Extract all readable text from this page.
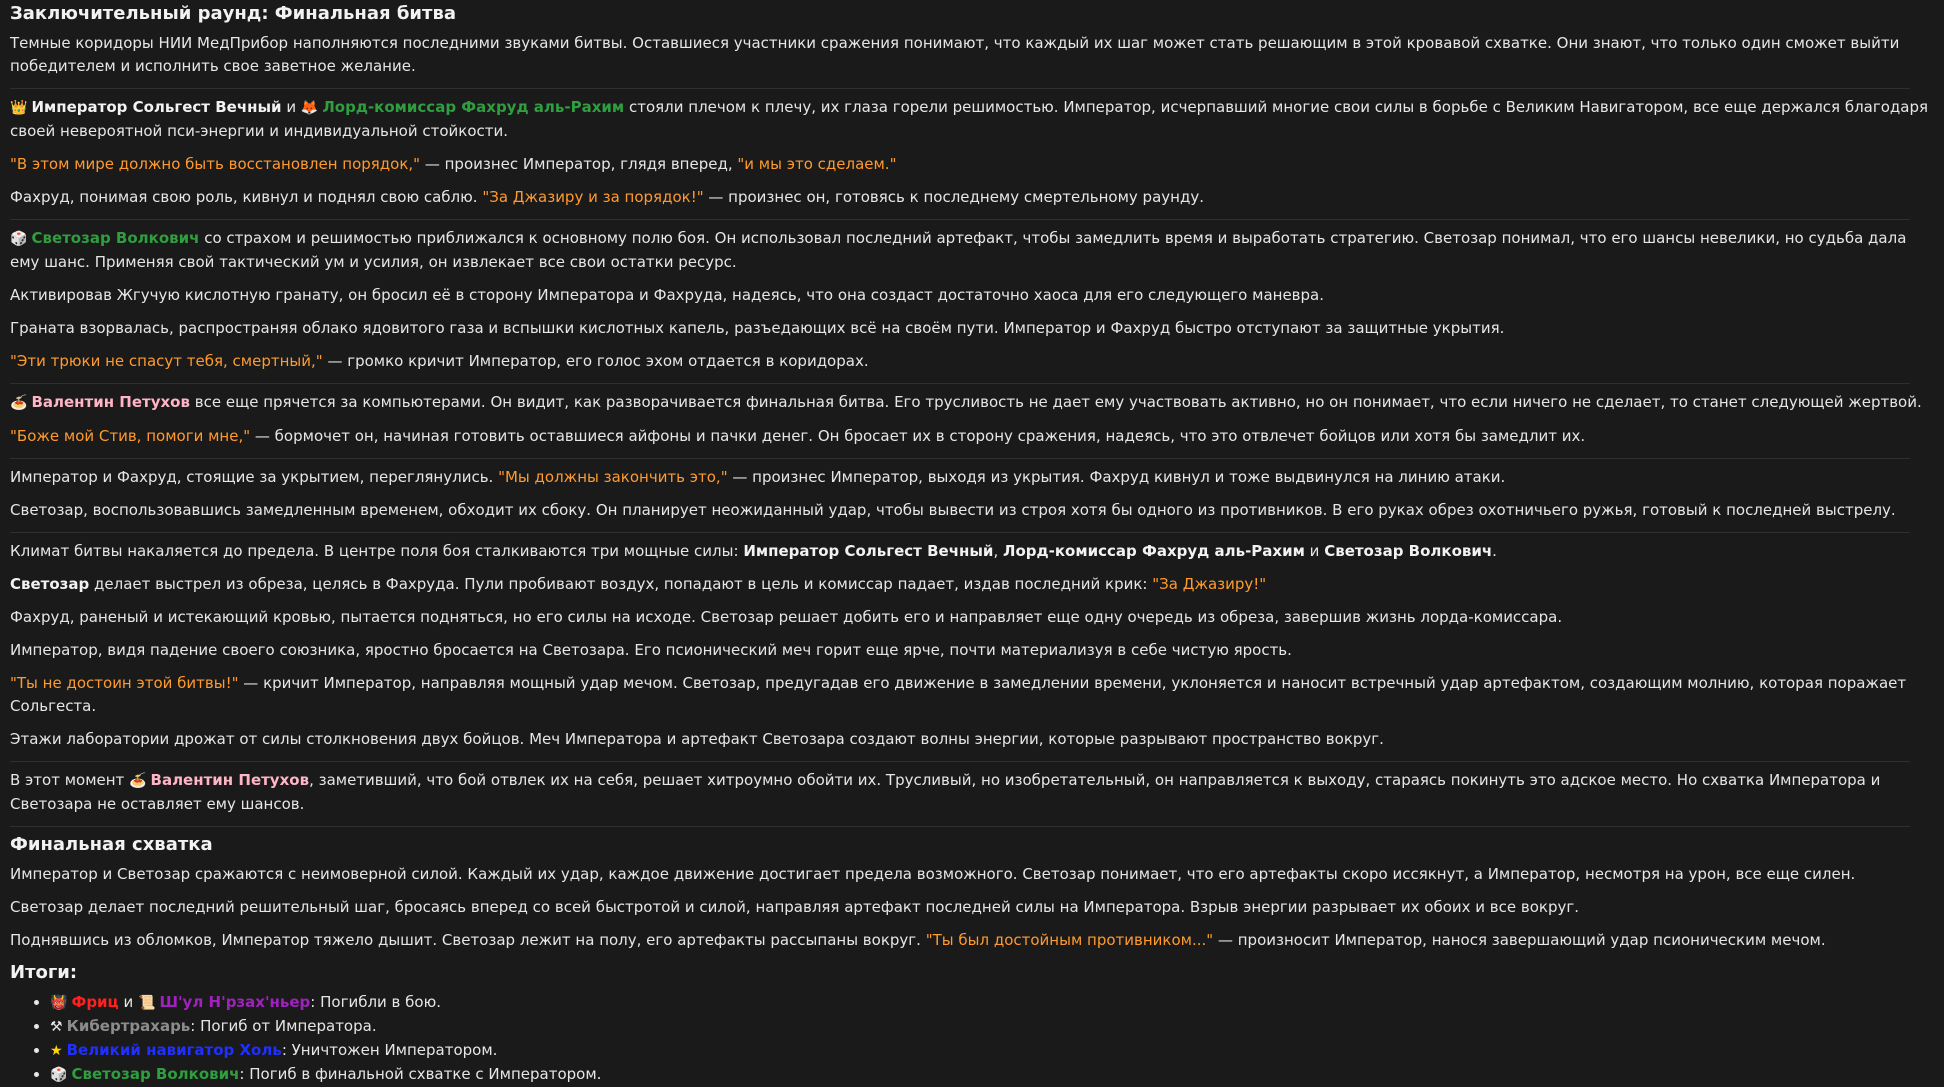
Заключительный раунд: Финальная битва

Темные коридоры НИИ МедПрибор наполняются последними звуками битвы. Оставшиеся участники сражения понимают, что каждый их шаг может стать решающим в этой кровавой схватке. Они знают, что только один сможет выйти победителем и исполнить свое заветное желание.

👑 Император Сольгест Вечный и 🦊 Лорд-комиссар Фахруд аль-Рахим стояли плечом к плечу, их глаза горели решимостью. Император, исчерпавший многие свои силы в борьбе с Великим Навигатором, все еще держался благодаря своей невероятной пси-энергии и индивидуальной стойкости.

"В этом мире должно быть восстановлен порядок," — произнес Император, глядя вперед, "и мы это сделаем."

Фахруд, понимая свою роль, кивнул и поднял свою саблю. "За Джазиру и за порядок!" — произнес он, готовясь к последнему смертельному раунду.

🎲 Светозар Волкович со страхом и решимостью приближался к основному полю боя. Он использовал последний артефакт, чтобы замедлить время и выработать стратегию. Светозар понимал, что его шансы невелики, но судьба дала ему шанс. Применяя свой тактический ум и усилия, он извлекает все свои остатки ресурс.

Активировав Жгучую кислотную гранату, он бросил её в сторону Императора и Фахруда, надеясь, что она создаст достаточно хаоса для его следующего маневра.

Граната взорвалась, распространяя облако ядовитого газа и вспышки кислотных капель, разъедающих всё на своём пути. Император и Фахруд быстро отступают за защитные укрытия.

"Эти трюки не спасут тебя, смертный," — громко кричит Император, его голос эхом отдается в коридорах.

🍝 Валентин Петухов все еще прячется за компьютерами. Он видит, как разворачивается финальная битва. Его трусливость не дает ему участвовать активно, но он понимает, что если ничего не сделает, то станет следующей жертвой.

"Боже мой Стив, помоги мне," — бормочет он, начиная готовить оставшиеся айфоны и пачки денег. Он бросает их в сторону сражения, надеясь, что это отвлечет бойцов или хотя бы замедлит их.

Император и Фахруд, стоящие за укрытием, переглянулись. "Мы должны закончить это," — произнес Император, выходя из укрытия. Фахруд кивнул и тоже выдвинулся на линию атаки.

Светозар, воспользовавшись замедленным временем, обходит их сбоку. Он планирует неожиданный удар, чтобы вывести из строя хотя бы одного из противников. В его руках обрез охотничьего ружья, готовый к последней выстрелу.

Климат битвы накаляется до предела. В центре поля боя сталкиваются три мощные силы: Император Сольгест Вечный, Лорд-комиссар Фахруд аль-Рахим и Светозар Волкович.

Светозар делает выстрел из обреза, целясь в Фахруда. Пули пробивают воздух, попадают в цель и комиссар падает, издав последний крик: "За Джазиру!"

Фахруд, раненый и истекающий кровью, пытается подняться, но его силы на исходе. Светозар решает добить его и направляет еще одну очередь из обреза, завершив жизнь лорда-комиссара.

Император, видя падение своего союзника, яростно бросается на Светозара. Его псионический меч горит еще ярче, почти материализуя в себе чистую ярость.

"Ты не достоин этой битвы!" — кричит Император, направляя мощный удар мечом. Светозар, предугадав его движение в замедлении времени, уклоняется и наносит встречный удар артефактом, создающим молнию, которая поражает Сольгеста.

Этажи лаборатории дрожат от силы столкновения двух бойцов. Меч Императора и артефакт Светозара создают волны энергии, которые разрывают пространство вокруг.

В этот момент 🍝 Валентин Петухов, заметивший, что бой отвлек их на себя, решает хитроумно обойти их. Трусливый, но изобретательный, он направляется к выходу, стараясь покинуть это адское место. Но схватка Императора и Светозара не оставляет ему шансов.

Финальная схватка

Император и Светозар сражаются с неимоверной силой. Каждый их удар, каждое движение достигает предела возможного. Светозар понимает, что его артефакты скоро иссякнут, а Император, несмотря на урон, все еще силен.

Светозар делает последний решительный шаг, бросаясь вперед со всей быстротой и силой, направляя артефакт последней силы на Императора. Взрыв энергии разрывает их обоих и все вокруг.

Поднявшись из обломков, Император тяжело дышит. Светозар лежит на полу, его артефакты рассыпаны вокруг. "Ты был достойным противником..." — произносит Император, нанося завершающий удар псионическим мечом.

Итоги:
• 👹 Фриц и 📜 Ш'ул Н'рзах'ньер: Погибли в бою.
• ⚒ Кибертрахарь: Погиб от Императора.
• ★ Великий навигатор Холь: Уничтожен Императором.
• 🎲 Светозар Волкович: Погиб в финальной схватке с Императором.
